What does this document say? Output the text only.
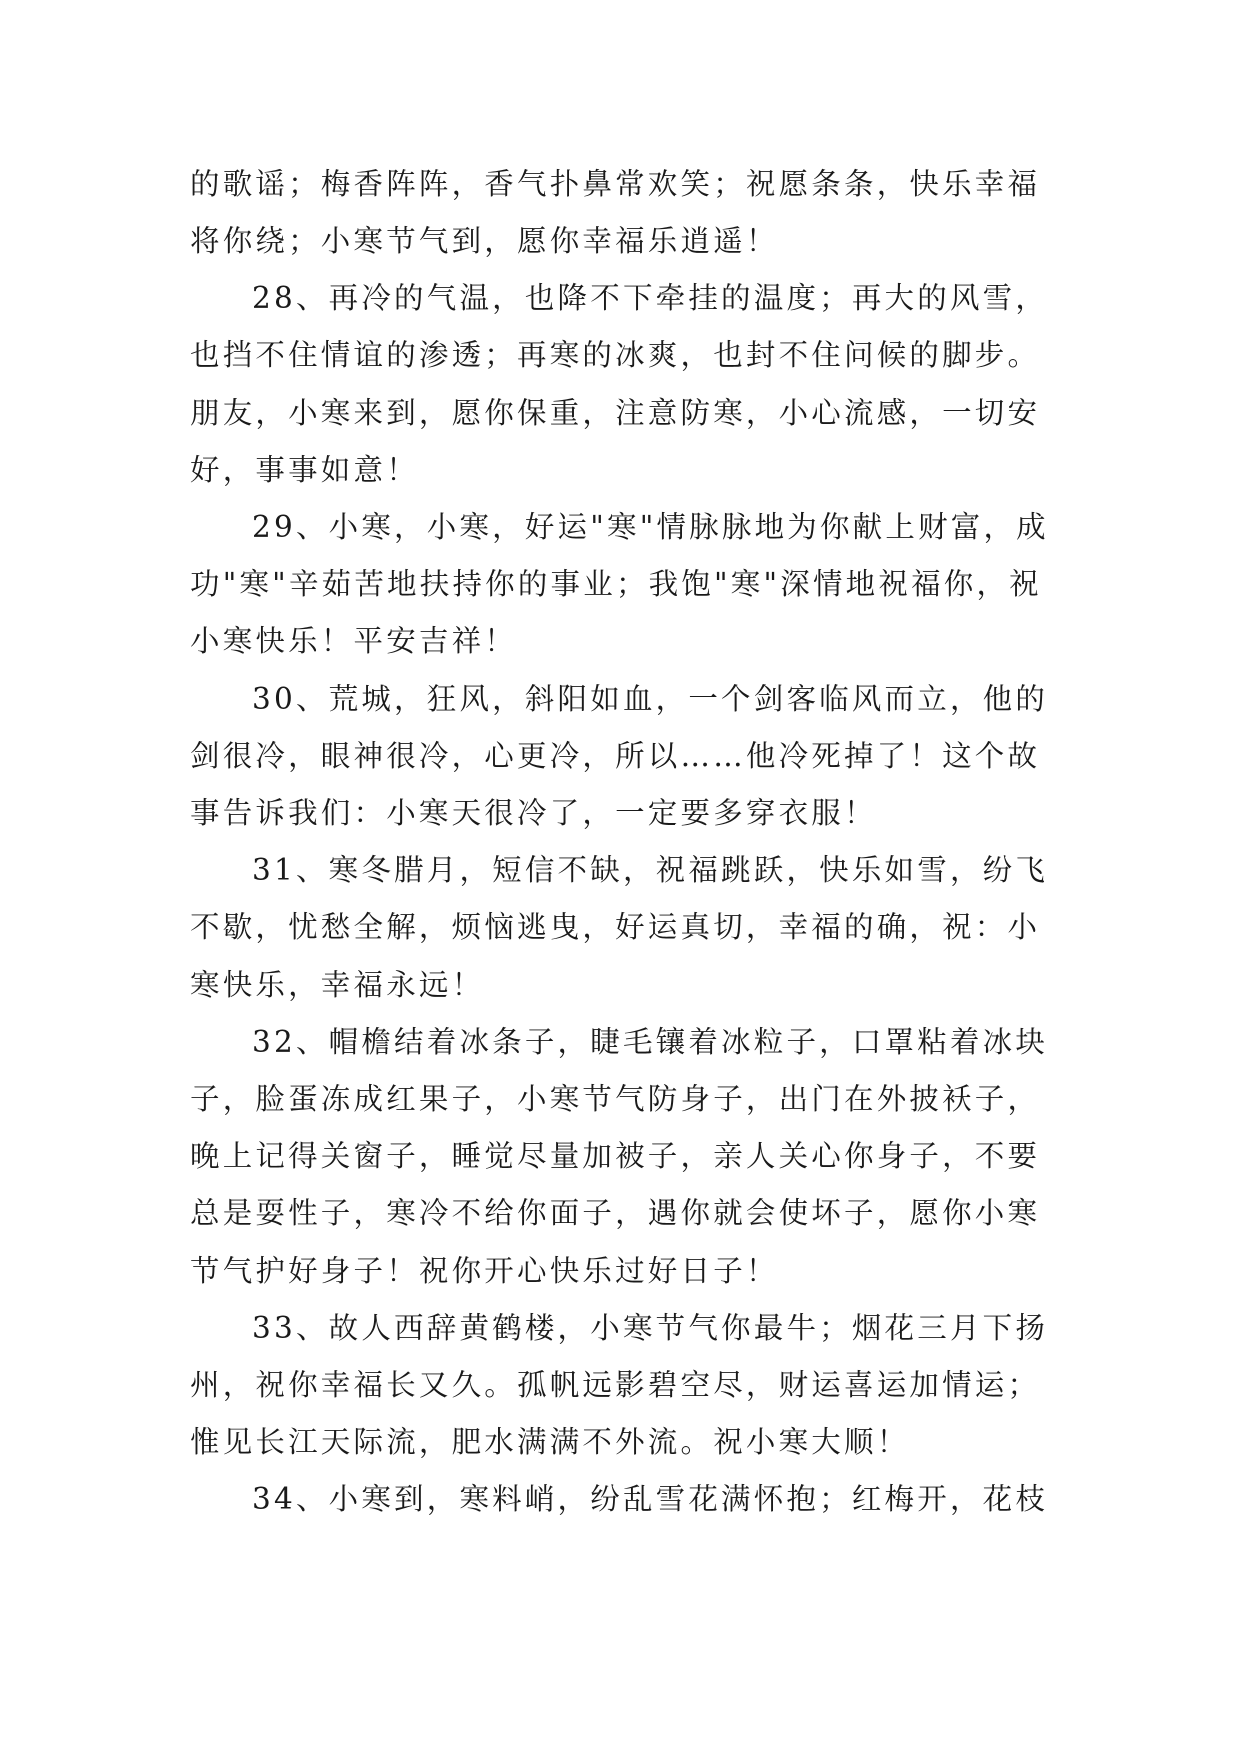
的歌谣；梅香阵阵，香气扑鼻常欢笑；祝愿条条，快乐幸福
将你绕；小寒节气到，愿你幸福乐逍遥！
28、再冷的气温，也降不下牵挂的温度；再大的风雪，
也挡不住情谊的渗透；再寒的冰爽，也封不住问候的脚步。
朋友，小寒来到，愿你保重，注意防寒，小心流感，一切安
好，事事如意！
29、小寒，小寒，好运"寒"情脉脉地为你献上财富，成
功"寒"辛茹苦地扶持你的事业；我饱"寒"深情地祝福你，祝
小寒快乐！平安吉祥！
30、荒城，狂风，斜阳如血，一个剑客临风而立，他的
剑很冷，眼神很冷，心更冷，所以……他冷死掉了！这个故
事告诉我们：小寒天很冷了，一定要多穿衣服！
31、寒冬腊月，短信不缺，祝福跳跃，快乐如雪，纷飞
不歇，忧愁全解，烦恼逃曳，好运真切，幸福的确，祝：小
寒快乐，幸福永远！
32、帽檐结着冰条子，睫毛镶着冰粒子，口罩粘着冰块
子，脸蛋冻成红果子，小寒节气防身子，出门在外披袄子，
晚上记得关窗子，睡觉尽量加被子，亲人关心你身子，不要
总是耍性子，寒冷不给你面子，遇你就会使坏子，愿你小寒
节气护好身子！祝你开心快乐过好日子！
33、故人西辞黄鹤楼，小寒节气你最牛；烟花三月下扬
州，祝你幸福长又久。孤帆远影碧空尽，财运喜运加情运；
惟见长江天际流，肥水满满不外流。祝小寒大顺！
34、小寒到，寒料峭，纷乱雪花满怀抱；红梅开，花枝
